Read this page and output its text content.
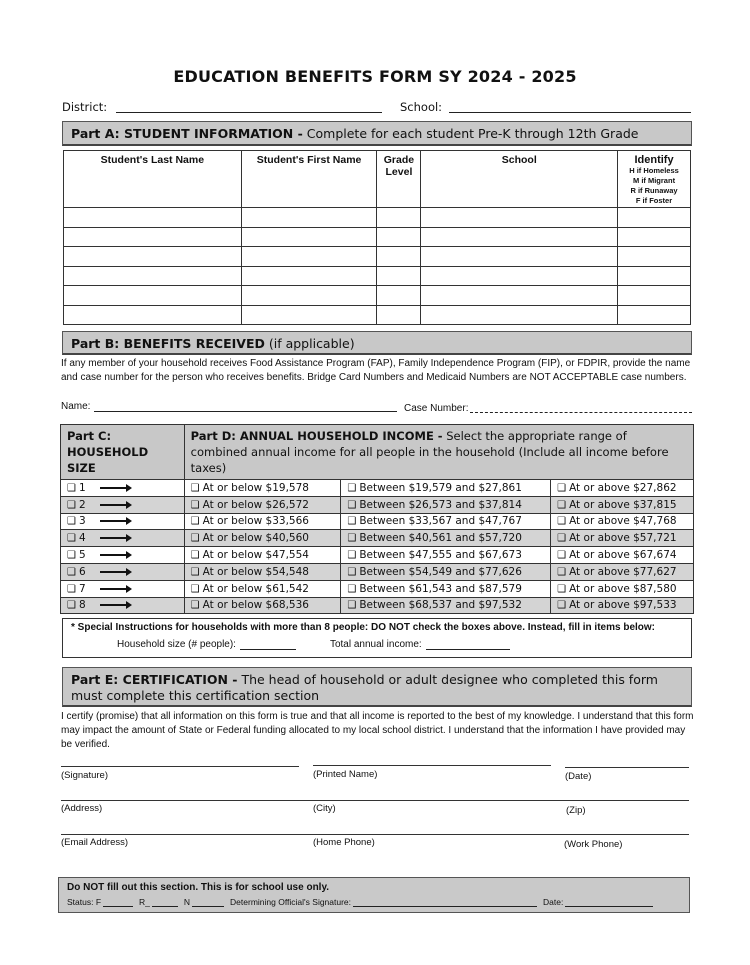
EDUCATION BENEFITS FORM SY 2024 - 2025
District:	School:
Part A: STUDENT INFORMATION - Complete for each student Pre-K through 12th Grade
Student's Last Name	Student's First Name	Grade Level	School	Identify
H if Homeless
M if Migrant
R if Runaway
F if Foster

Part B: BENEFITS RECEIVED (if applicable)
If any member of your household receives Food Assistance Program (FAP), Family Independence Program (FIP), or FDPIR, provide the name and case number for the person who receives benefits. Bridge Card Numbers and Medicaid Numbers are NOT ACCEPTABLE case numbers.
Name:	Case Number:
Part C: HOUSEHOLD SIZE	Part D: ANNUAL HOUSEHOLD INCOME - Select the appropriate range of combined annual income for all people in the household (Include all income before taxes)		
❑ 1	❑ At or below $19,578	❑ Between $19,579 and $27,861	❑ At or above $27,862
❑ 2	❑ At or below $26,572	❑ Between $26,573 and $37,814	❑ At or above $37,815
❑ 3	❑ At or below $33,566	❑ Between $33,567 and $47,767	❑ At or above $47,768
❑ 4	❑ At or below $40,560	❑ Between $40,561 and $57,720	❑ At or above $57,721
❑ 5	❑ At or below $47,554	❑ Between $47,555 and $67,673	❑ At or above $67,674
❑ 6	❑ At or below $54,548	❑ Between $54,549 and $77,626	❑ At or above $77,627
❑ 7	❑ At or below $61,542	❑ Between $61,543 and $87,579	❑ At or above $87,580
❑ 8	❑ At or below $68,536	❑ Between $68,537 and $97,532	❑ At or above $97,533
* Special Instructions for households with more than 8 people: DO NOT check the boxes above. Instead, fill in items below:
Household size (# people):	Total annual income:
Part E: CERTIFICATION - The head of household or adult designee who completed this form must complete this certification section
I certify (promise) that all information on this form is true and that all income is reported to the best of my knowledge. I understand that this form may impact the amount of State or Federal funding allocated to my local school district. I understand that the information I have provided may be verified.
(Signature)	(Printed Name)	(Date)
(Address)	(City)	(Zip)
(Email Address)	(Home Phone)	(Work Phone)
Do NOT fill out this section. This is for school use only.
Status: F	R_	N	Determining Official's Signature:	Date:
